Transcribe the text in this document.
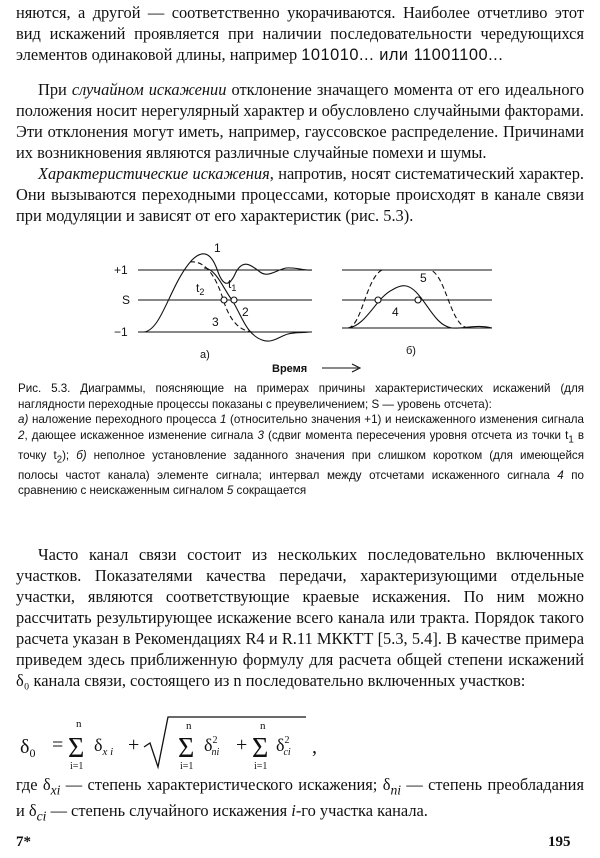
няются, а другой — соответственно укорачиваются. Наиболее отчетливо этот вид искажений проявляется при наличии последовательности чередующихся элементов одинаковой длины, например 101010... или 11001100...

При случайном искажении отклонение значащего момента от его идеального положения носит нерегулярный характер и обусловлено случайными факторами. Эти отклонения могут иметь, например, гауссовское распределение. Причинами их возникновения являются различные случайные помехи и шумы.

Характеристические искажения, напротив, носят систематический характер. Они вызываются переходными процессами, которые происходят в канале связи при модуляции и зависят от его характеристик (рис. 5.3).

+1
S
−1
1
2
3
$t_1$
$t_2$
а)
4
5
б)
Время

Рис. 5.3. Диаграммы, поясняющие на примерах причины характеристических искажений (для наглядности переходные процессы показаны с преувеличением; S — уровень отсчета):
а) наложение переходного процесса 1 (относительно значения +1) и неискаженного изменения сигнала 2, дающее искаженное изменение сигнала 3 (сдвиг момента пересечения уровня отсчета из точки $t_1$ в точку $t_2$); б) неполное установление заданного значения при слишком коротком (для имеющейся полосы частот канала) элементе сигнала; интервал между отсчетами искаженного сигнала 4 по сравнению с неискаженным сигналом 5 сокращается

Часто канал связи состоит из нескольких последовательно включенных участков. Показателями качества передачи, характеризующими отдельные участки, являются соответствующие краевые искажения. По ним можно рассчитать результирующее искажение всего канала или тракта. Порядок такого расчета указан в Рекомендациях R4 и R.11 МККТТ [5.3, 5.4]. В качестве примера приведем здесь приближенную формулу для расчета общей степени искажений δ₀ канала связи, состоящего из n последовательно включенных участков:

$\delta_0$ =
n
Σ
i=1
$\delta_{x i}$ +
n
Σ
i=1
$\delta^2$ пi +
n
Σ
i=1
$\delta^2$ ci ,

где $\delta_{xi}$ — степень характеристического искажения; $\delta_{пi}$ — степень преобладания и $\delta_{ci}$ — степень случайного искажения i-го участка канала.

7*	195
